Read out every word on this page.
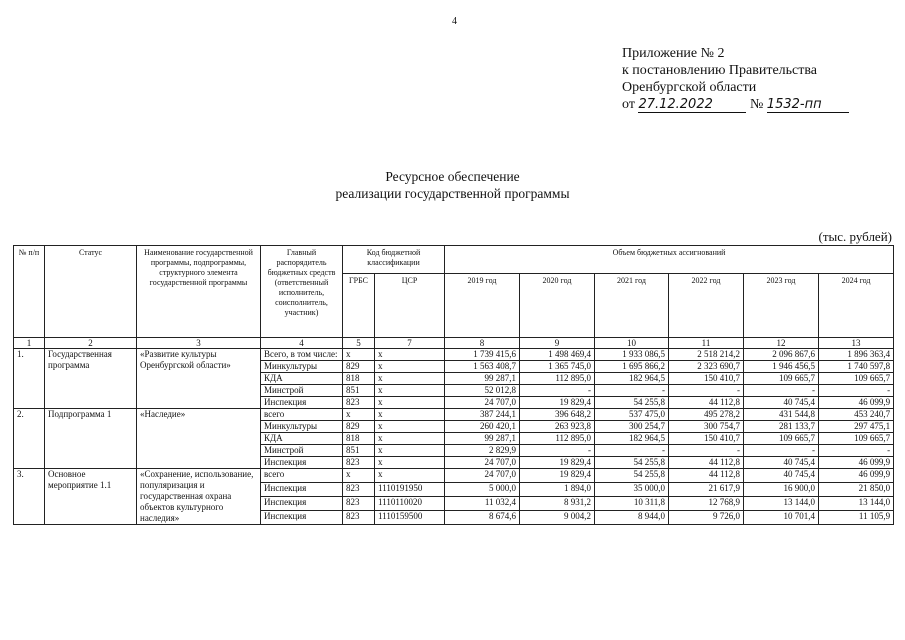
4
Приложение № 2
к постановлению Правительства
Оренбургской области
от 27.12.2022	№ 1532-пп
Ресурсное обеспечение
реализации государственной программы
(тыс. рублей)
№ п/п	Статус	Наименование государственной программы, подпрограммы, структурного элемента государственной программы	Главный распорядитель бюджетных средств (ответственный исполнитель, соисполнитель, участник)	Код бюджетной классификации		Объем бюджетных ассигнований					
				ГРБС	ЦСР	2019 год	2020 год	2021 год	2022 год	2023 год	2024 год
1	2	3	4	5	7	8	9	10	11	12	13
1.	Государственная программа	«Развитие культуры Оренбургской области»	Всего, в том числе:	x	x	1 739 415,6	1 498 469,4	1 933 086,5	2 518 214,2	2 096 867,6	1 896 363,4
			Минкультуры	829	x	1 563 408,7	1 365 745,0	1 695 866,2	2 323 690,7	1 946 456,5	1 740 597,8
			КДА	818	x	99 287,1	112 895,0	182 964,5	150 410,7	109 665,7	109 665,7
			Минстрой	851	x	52 012,8	-	-	-	-	-
			Инспекция	823	x	24 707,0	19 829,4	54 255,8	44 112,8	40 745,4	46 099,9
2.	Подпрограмма 1	«Наследие»	всего	x	x	387 244,1	396 648,2	537 475,0	495 278,2	431 544,8	453 240,7
			Минкультуры	829	x	260 420,1	263 923,8	300 254,7	300 754,7	281 133,7	297 475,1
			КДА	818	x	99 287,1	112 895,0	182 964,5	150 410,7	109 665,7	109 665,7
			Минстрой	851	x	2 829,9	-	-	-	-	-
			Инспекция	823	x	24 707,0	19 829,4	54 255,8	44 112,8	40 745,4	46 099,9
3.	Основное мероприятие 1.1	«Сохранение, использование, популяризация и государственная охрана объектов культурного наследия»	всего	x	x	24 707,0	19 829,4	54 255,8	44 112,8	40 745,4	46 099,9
			Инспекция	823	1110191950	5 000,0	1 894,0	35 000,0	21 617,9	16 900,0	21 850,0
			Инспекция	823	1110110020	11 032,4	8 931,2	10 311,8	12 768,9	13 144,0	13 144,0
			Инспекция	823	1110159500	8 674,6	9 004,2	8 944,0	9 726,0	10 701,4	11 105,9
